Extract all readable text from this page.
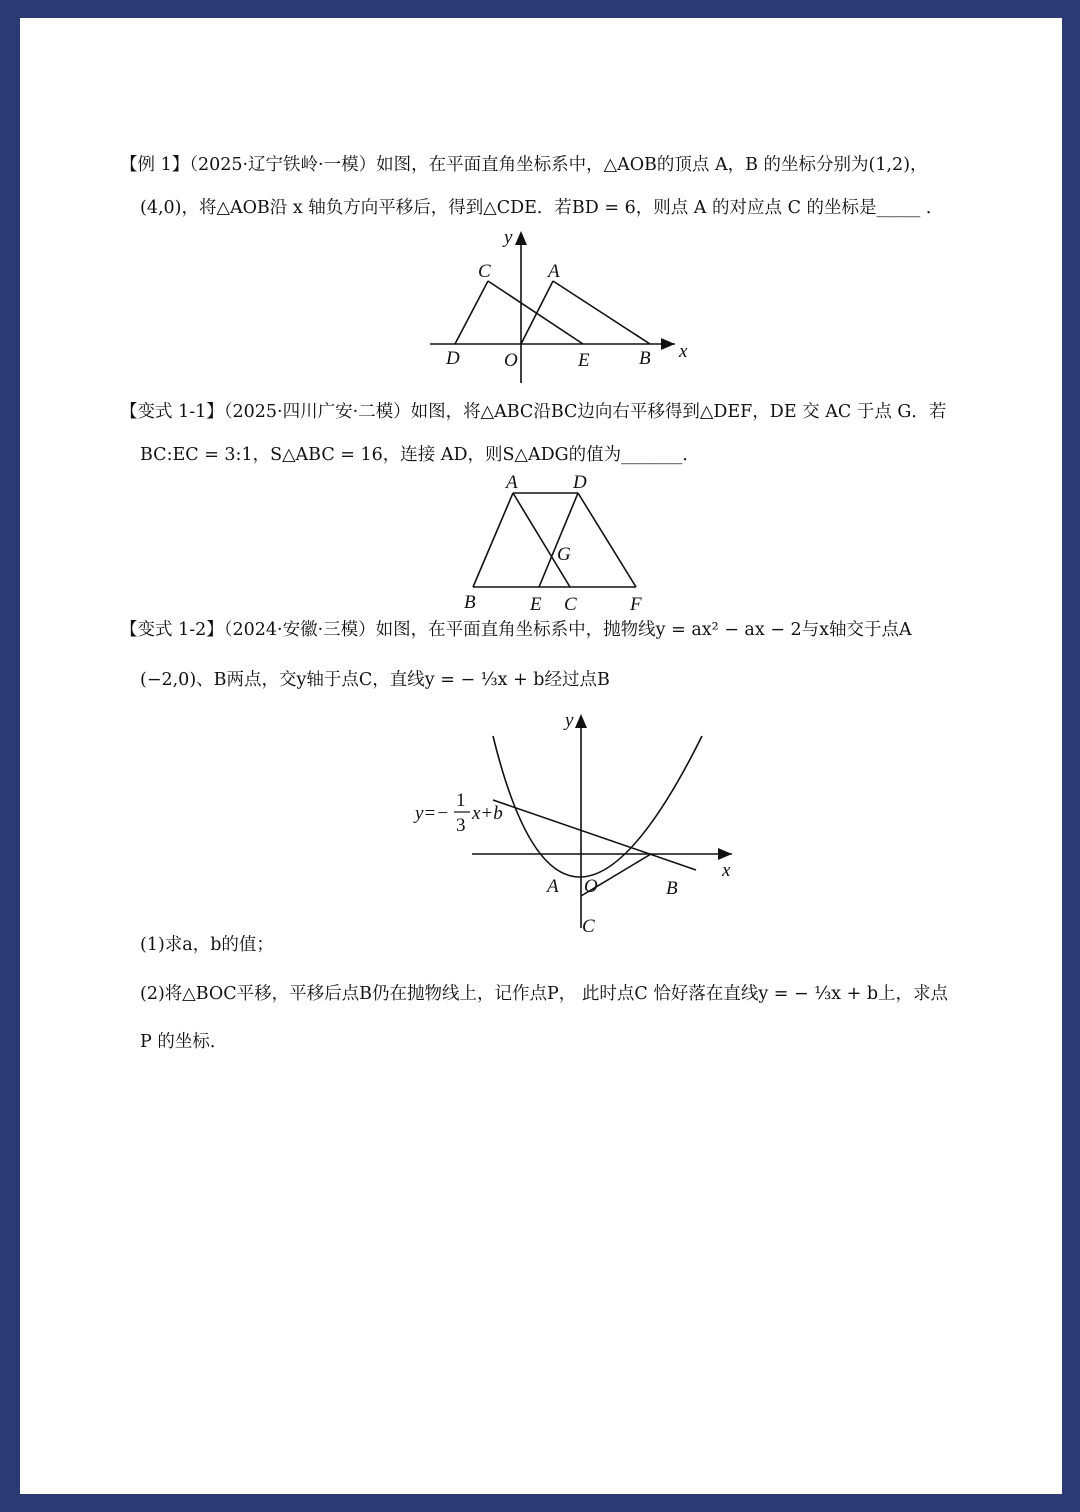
【例 1】（2025·辽宁铁岭·一模）如图，在平面直角坐标系中，△AOB的顶点 A，B 的坐标分别为(1,2)，
(4,0)，将△AOB沿 x 轴负方向平移后，得到△CDE．若BD = 6，则点 A 的对应点 C 的坐标是_____ ．
y
x
C	A
D O	E	B
【变式 1-1】（2025·四川广安·二模）如图，将△ABC沿BC边向右平移得到△DEF，DE 交 AC 于点 G．若
BC:EC = 3:1，S△ABC = 16，连接 AD，则S△ADG的值为_______．
A	D
G
B	E C	F
【变式 1-2】（2024·安徽·三模）如图，在平面直角坐标系中，抛物线y = ax² − ax − 2与x轴交于点A
(−2,0)、B两点，交y轴于点C，直线y = − ⅓x + b经过点B
y
x
y=−
1
3
x+b
A O	B
C
(1)求a，b的值；
(2)将△BOC平移，平移后点B仍在抛物线上，记作点P， 此时点C 恰好落在直线y = − ⅓x + b上，求点
P 的坐标．
